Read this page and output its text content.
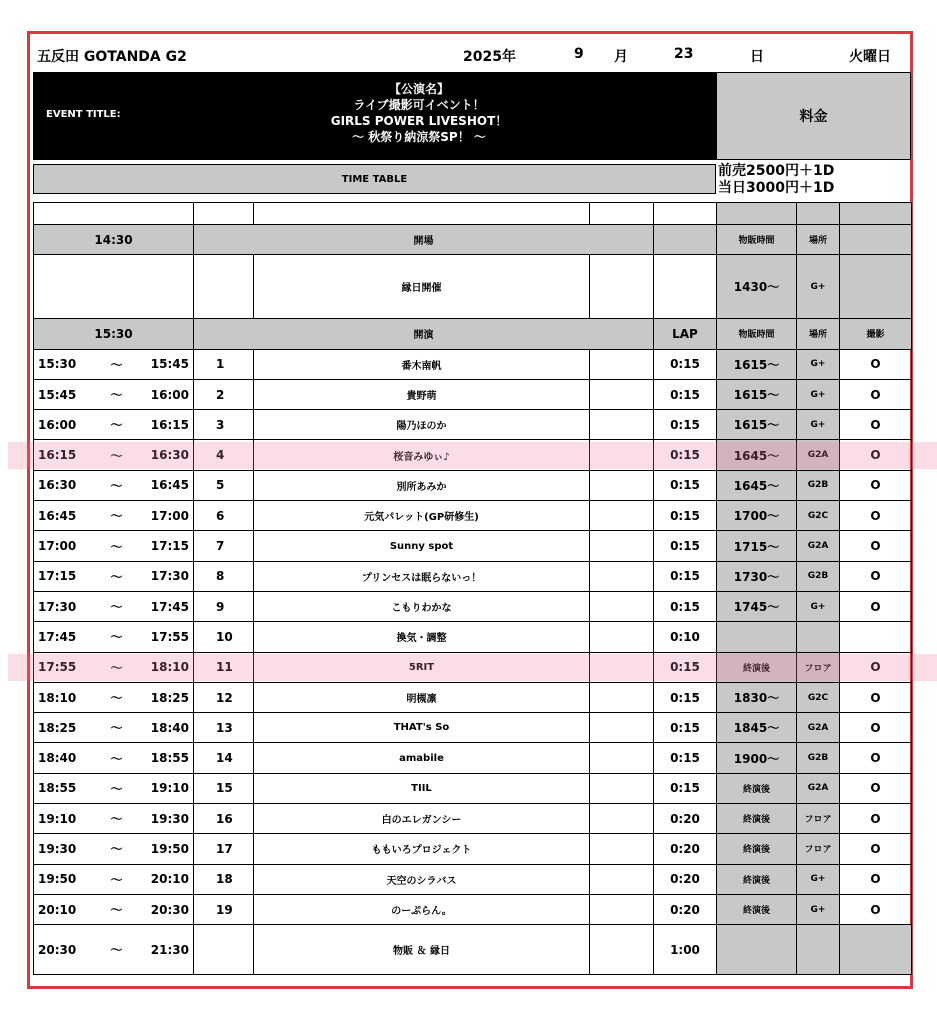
五反田 GOTANDA G2	2025年	9 月	23	日	火曜日
EVENT TITLE:
【公演名】
ライブ撮影可イベント！
GIRLS POWER LIVESHOT！
～ 秋祭り納涼祭SP！ ～
料金
TIME TABLE	前売2500円＋1D
当日3000円＋1D

14:30			開場				物販時間	場所	
				縁日開催			1430～	G+	
15:30			開演			LAP	物販時間	場所	撮影
15:30	～	15:45	1	番木南帆		0:15	1615～	G+	O
15:45	～	16:00	2	貴野萌		0:15	1615～	G+	O
16:00	～	16:15	3	陽乃ほのか		0:15	1615～	G+	O
16:15	～	16:30	4	桜音みゆぃ♪		0:15	1645～	G2A	O
16:30	～	16:45	5	別所あみか		0:15	1645～	G2B	O
16:45	～	17:00	6	元気パレット(GP研修生)		0:15	1700～	G2C	O
17:00	～	17:15	7	Sunny spot		0:15	1715～	G2A	O
17:15	～	17:30	8	プリンセスは眠らないっ！		0:15	1730～	G2B	O
17:30	～	17:45	9	こもりわかな		0:15	1745～	G+	O
17:45	～	17:55	10	換気・調整		0:10			
17:55	～	18:10	11	5RIT		0:15	終演後	フロア	O
18:10	～	18:25	12	明槻凛		0:15	1830～	G2C	O
18:25	～	18:40	13	THAT's So		0:15	1845～	G2A	O
18:40	～	18:55	14	amabile		0:15	1900～	G2B	O
18:55	～	19:10	15	TIIL		0:15	終演後	G2A	O
19:10	～	19:30	16	白のエレガンシー		0:20	終演後	フロア	O
19:30	～	19:50	17	ももいろプロジェクト		0:20	終演後	フロア	O
19:50	～	20:10	18	天空のシラバス		0:20	終演後	G+	O
20:10	～	20:30	19	のーぷらん。		0:20	終演後	G+	O
20:30	～	21:30		物販 ＆ 縁日		1:00			
